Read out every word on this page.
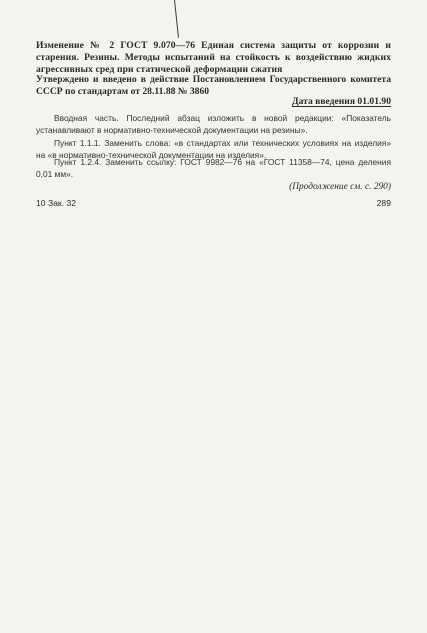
Изменение № 2 ГОСТ 9.070—76 Единая система защиты от коррозии и старения. Резины. Методы испытаний на стойкость к воздействию жидких агрессивных сред при статической деформации сжатия
Утверждено и введено в действие Постановлением Государственного комитета СССР по стандартам от 28.11.88 № 3860
Дата введения 01.01.90
Вводная часть. Последний абзац изложить в новой редакции: «Показатель устанавливают в нормативно-технической документации на резины».
Пункт 1.1.1. Заменить слова: «в стандартах или технических условиях на изделия» на «в нормативно-технической документации на изделия».
Пункт 1.2.4. Заменить ссылку: ГОСТ 9982—76 на «ГОСТ 11358—74, цена деления 0,01 мм».
(Продолжение см. с. 290)
10 Зак. 32	289
